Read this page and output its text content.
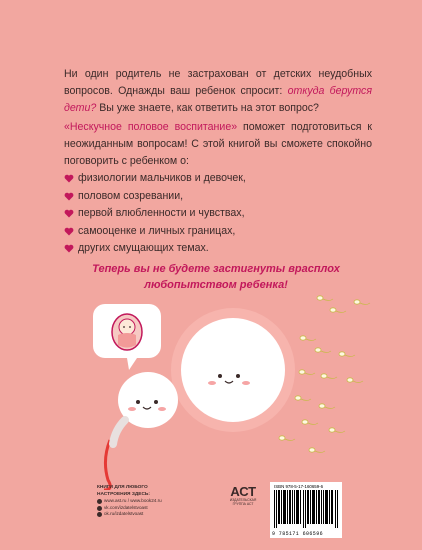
Ни один родитель не застрахован от детских неудобных вопросов. Однажды ваш ребенок спросит: откуда берутся дети? Вы уже знаете, как ответить на этот вопрос?

«Нескучное половое воспитание» поможет подготовиться к неожиданным вопросам! С этой книгой вы сможете спокойно поговорить с ребенком о:

физиологии мальчиков и девочек,
половом созревании,
первой влюбленности и чувствах,
самооценке и личных границах,
других смущающих темах.

Теперь вы не будете застигнуты врасплох
любопытством ребенка!

КНИГИ ДЛЯ ЛЮБОГО
НАСТРОЕНИЯ ЗДЕСЬ:
www.ast.ru / www.book24.ru
vk.com/izdatelstvoast
ok.ru/izdatelstvoast
ACT
ИЗДАТЕЛЬСКАЯ
ГРУППА АСТ
ISBN 978-5-17-160659-6
9 785171 606596
